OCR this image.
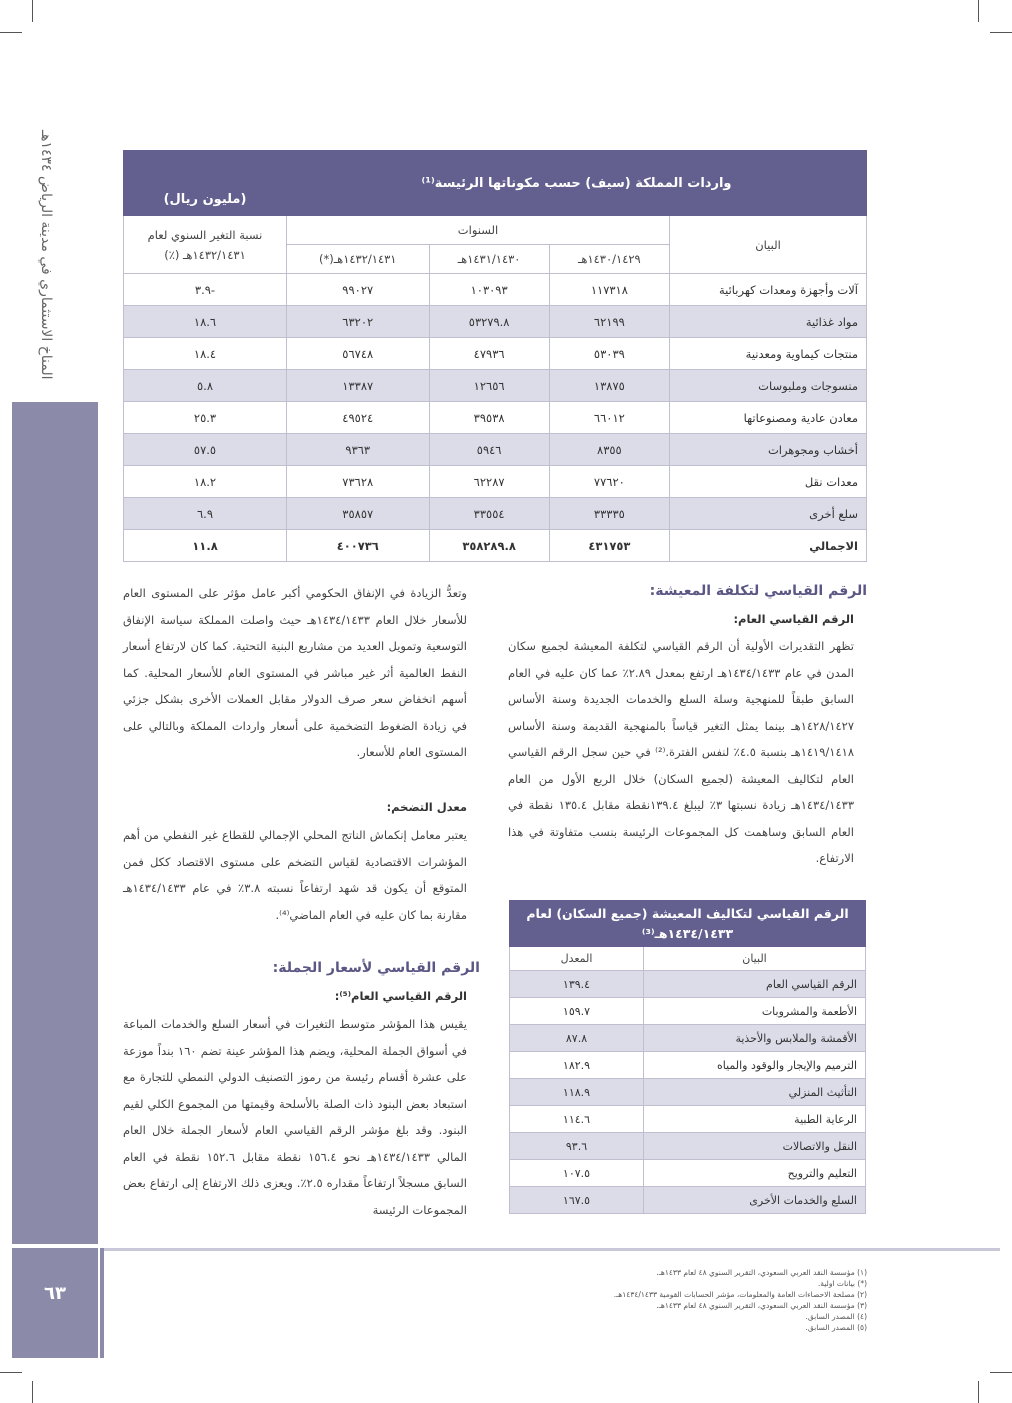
المناخ الاستثماري في مدينة الرياض ١٤٣٤هـ
٦٣
واردات المملكة (سيف) حسب مكوناتها الرئيسة⁽¹⁾				(مليون ريال)
البيان	السنوات			نسبة التغير السنوي لعام ١٤٣٢/١٤٣١هـ (٪)
	١٤٣٠/١٤٢٩هـ	١٤٣١/١٤٣٠هـ	١٤٣٢/١٤٣١هـ(*)	
آلات وأجهزة ومعدات كهربائية	١١٧٣١٨	١٠٣٠٩٣	٩٩٠٢٧	-٣.٩
مواد غذائية	٦٢١٩٩	٥٣٢٧٩.٨	٦٣٢٠٢	١٨.٦
منتجات كيماوية ومعدنية	٥٣٠٣٩	٤٧٩٣٦	٥٦٧٤٨	١٨.٤
منسوجات وملبوسات	١٣٨٧٥	١٢٦٥٦	١٣٣٨٧	٥.٨
معادن عادية ومصنوعاتها	٦٦٠١٢	٣٩٥٣٨	٤٩٥٢٤	٢٥.٣
أخشاب ومجوهرات	٨٣٥٥	٥٩٤٦	٩٣٦٣	٥٧.٥
معدات نقل	٧٧٦٢٠	٦٢٢٨٧	٧٣٦٢٨	١٨.٢
سلع أخرى	٣٣٣٣٥	٣٣٥٥٤	٣٥٨٥٧	٦.٩
الاجمالي	٤٣١٧٥٣	٣٥٨٢٨٩.٨	٤٠٠٧٣٦	١١.٨
الرقم القياسي لتكلفة المعيشة:
الرقم القياسي العام:
تظهر التقديرات الأولية أن الرقم القياسي لتكلفة المعيشة لجميع سكان المدن في عام ١٤٣٤/١٤٣٣هـ ارتفع بمعدل ٢.٨٩٪ عما كان عليه في العام السابق طبقاً للمنهجية وسلة السلع والخدمات الجديدة وسنة الأساس ١٤٢٨/١٤٢٧هـ بينما يمثل التغير قياساً بالمنهجية القديمة وسنة الأساس ١٤١٩/١٤١٨هـ بنسبة ٤.٥٪ لنفس الفترة.⁽²⁾ في حين سجل الرقم القياسي العام لتكاليف المعيشة (لجميع السكان) خلال الربع الأول من العام ١٤٣٤/١٤٣٣هـ زيادة نسبتها ٣٪ ليبلغ ١٣٩.٤نقطة مقابل ١٣٥.٤ نقطة في العام السابق وساهمت كل المجموعات الرئيسة بنسب متفاوتة في هذا الارتفاع.
الرقم القياسي لتكاليف المعيشة (جميع السكان) لعام ١٤٣٤/١٤٣٣هـ⁽³⁾	
البيان	المعدل
الرقم القياسي العام	١٣٩.٤
الأطعمة والمشروبات	١٥٩.٧
الأقمشة والملابس والأحذية	٨٧.٨
الترميم والإيجار والوقود والمياه	١٨٢.٩
التأثيث المنزلي	١١٨.٩
الرعاية الطبية	١١٤.٦
النقل والاتصالات	٩٣.٦
التعليم والترويح	١٠٧.٥
السلع والخدمات الأخرى	١٦٧.٥
وتعدُّ الزيادة في الإنفاق الحكومي أكبر عامل مؤثر على المستوى العام للأسعار خلال العام ١٤٣٤/١٤٣٣هـ حيث واصلت المملكة سياسة الإنفاق التوسعية وتمويل العديد من مشاريع البنية التحتية. كما كان لارتفاع أسعار النفط العالمية أثر غير مباشر في المستوى العام للأسعار المحلية. كما أسهم انخفاض سعر صرف الدولار مقابل العملات الأخرى بشكل جزئي في زيادة الضغوط التضخمية على أسعار واردات المملكة وبالتالي على المستوى العام للأسعار.
معدل التضخم:
يعتبر معامل إنكماش الناتج المحلي الإجمالي للقطاع غير النفطي من أهم المؤشرات الاقتصادية لقياس التضخم على مستوى الاقتصاد ككل فمن المتوقع أن يكون قد شهد ارتفاعاً نسبته ٣.٨٪ في عام ١٤٣٤/١٤٣٣هـ مقارنة بما كان عليه في العام الماضي⁽⁴⁾.
الرقم القياسي لأسعار الجملة:
الرقم القياسي العام⁽⁵⁾:
يقيس هذا المؤشر متوسط التغيرات في أسعار السلع والخدمات المباعة في أسواق الجملة المحلية، ويضم هذا المؤشر عينة تضم ١٦٠ بنداً موزعة على عشرة أقسام رئيسة من رموز التصنيف الدولي النمطي للتجارة مع استبعاد بعض البنود ذات الصلة بالأسلحة وقيمتها من المجموع الكلي لقيم البنود. وقد بلغ مؤشر الرقم القياسي العام لأسعار الجملة خلال العام المالي ١٤٣٤/١٤٣٣هـ نحو ١٥٦.٤ نقطة مقابل ١٥٢.٦ نقطة في العام السابق مسجلاً ارتفاعاً مقداره ٢.٥٪. ويعزى ذلك الارتفاع إلى ارتفاع بعض المجموعات الرئيسة
(١) مؤسسة النقد العربي السعودي، التقرير السنوي ٤٨ لعام ١٤٣٣هـ.
(*) بيانات اولية.
(٢) مصلحة الاحصاءات العامة والمعلومات، مؤشر الحسابات القومية ١٤٣٤/١٤٣٣هـ.
(٣) مؤسسة النقد العربي السعودي، التقرير السنوي ٤٨ لعام ١٤٣٣هـ.
(٤) المصدر السابق.
(٥) المصدر السابق.
